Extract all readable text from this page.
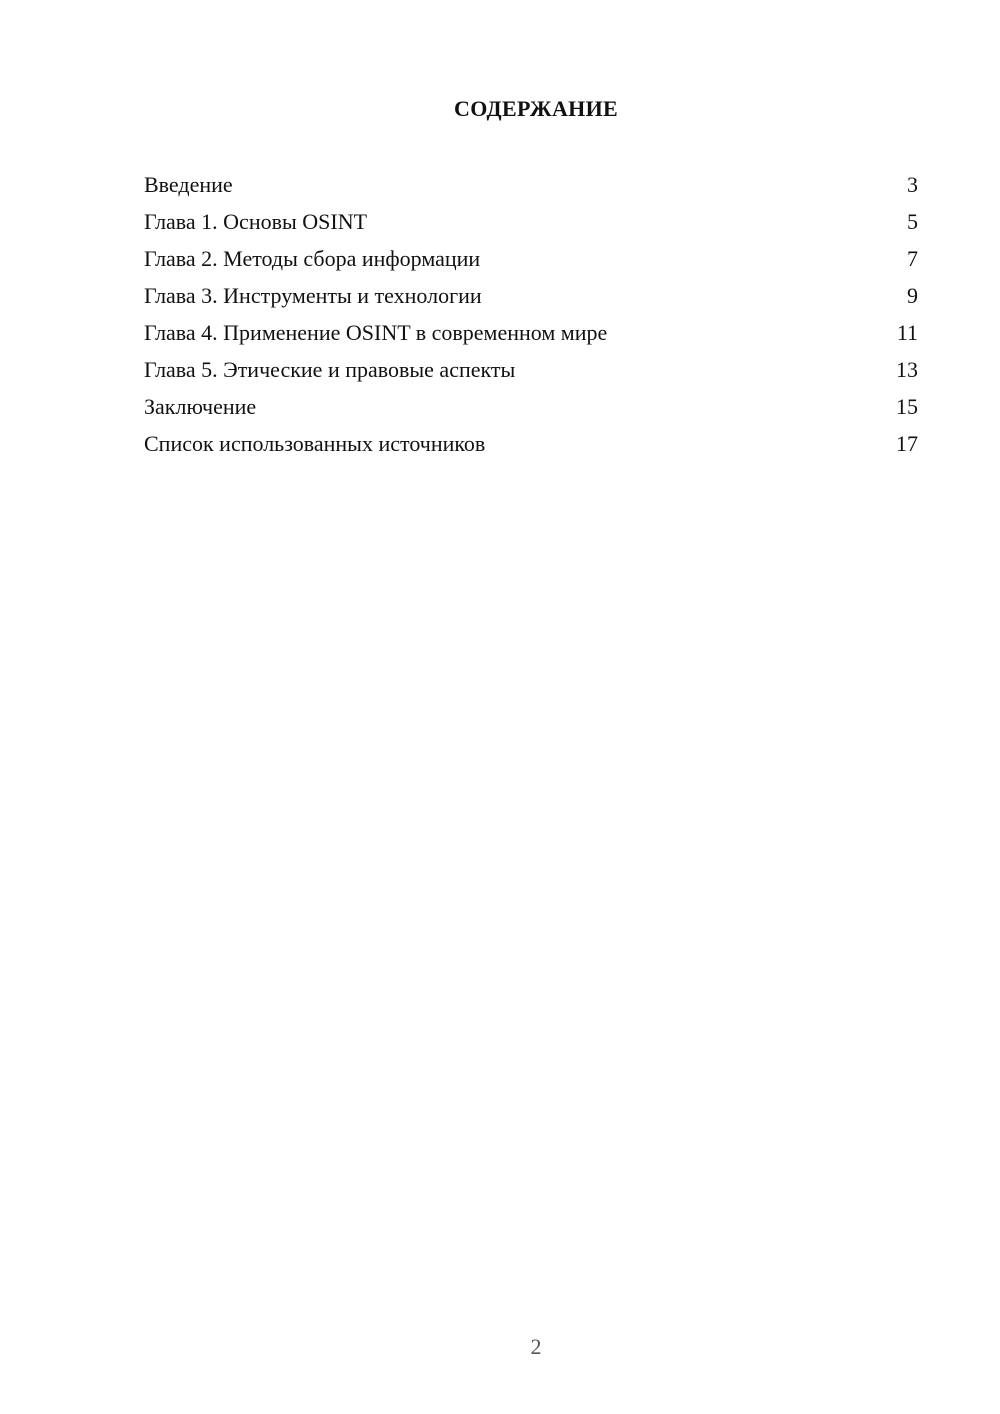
СОДЕРЖАНИЕ
Введение	3
Глава 1. Основы OSINT	5
Глава 2. Методы сбора информации	7
Глава 3. Инструменты и технологии	9
Глава 4. Применение OSINT в современном мире	11
Глава 5. Этические и правовые аспекты	13
Заключение	15
Список использованных источников	17
2
